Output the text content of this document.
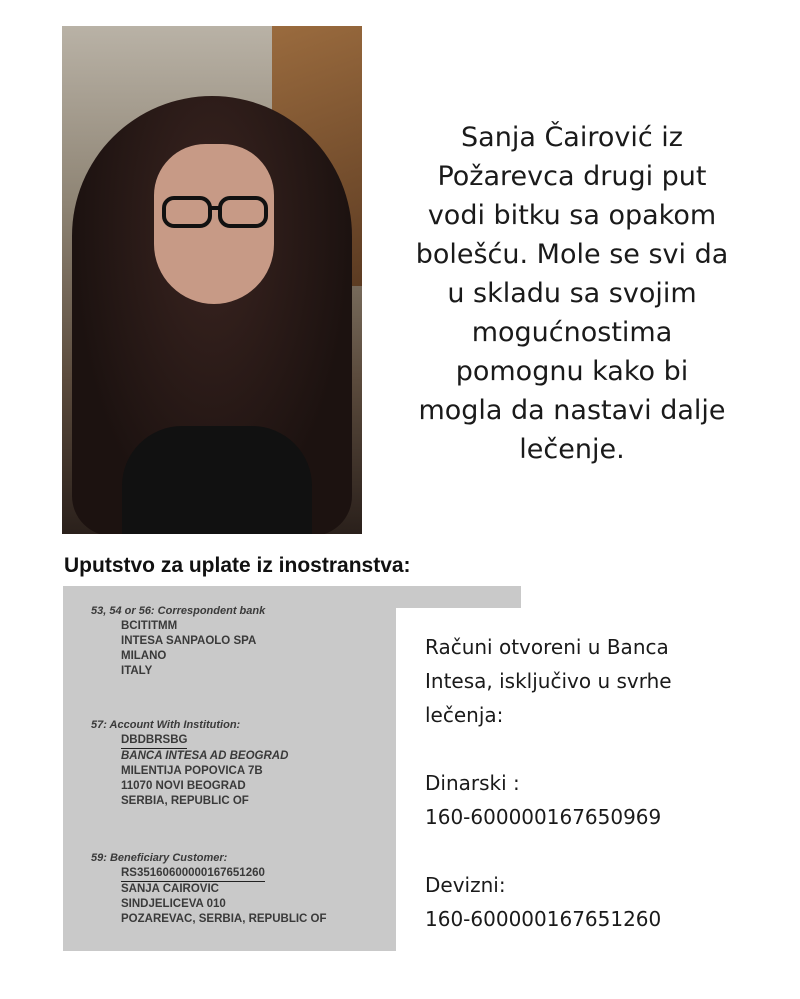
Sanja Čairović iz
Požarevca drugi put
vodi bitku sa opakom
bolešću. Mole se svi da
u skladu sa svojim
mogućnostima
pomognu kako bi
mogla da nastavi dalje
lečenje.
Uputstvo za uplate iz inostranstva:
53, 54 or 56: Correspondent bank
BCITITMM
INTESA SANPAOLO SPA
MILANO
ITALY
57: Account With Institution:
DBDBRSBG
BANCA INTESA AD BEOGRAD
MILENTIJA POPOVICA 7B
11070 NOVI BEOGRAD
SERBIA, REPUBLIC OF
59: Beneficiary Customer:
RS35160600000167651260
SANJA CAIROVIC
SINDJELICEVA 010
POZAREVAC, SERBIA, REPUBLIC OF
Računi otvoreni u Banca
Intesa, isključivo u svrhe
lečenja:
Dinarski :
160-600000167650969
Devizni:
160-600000167651260
